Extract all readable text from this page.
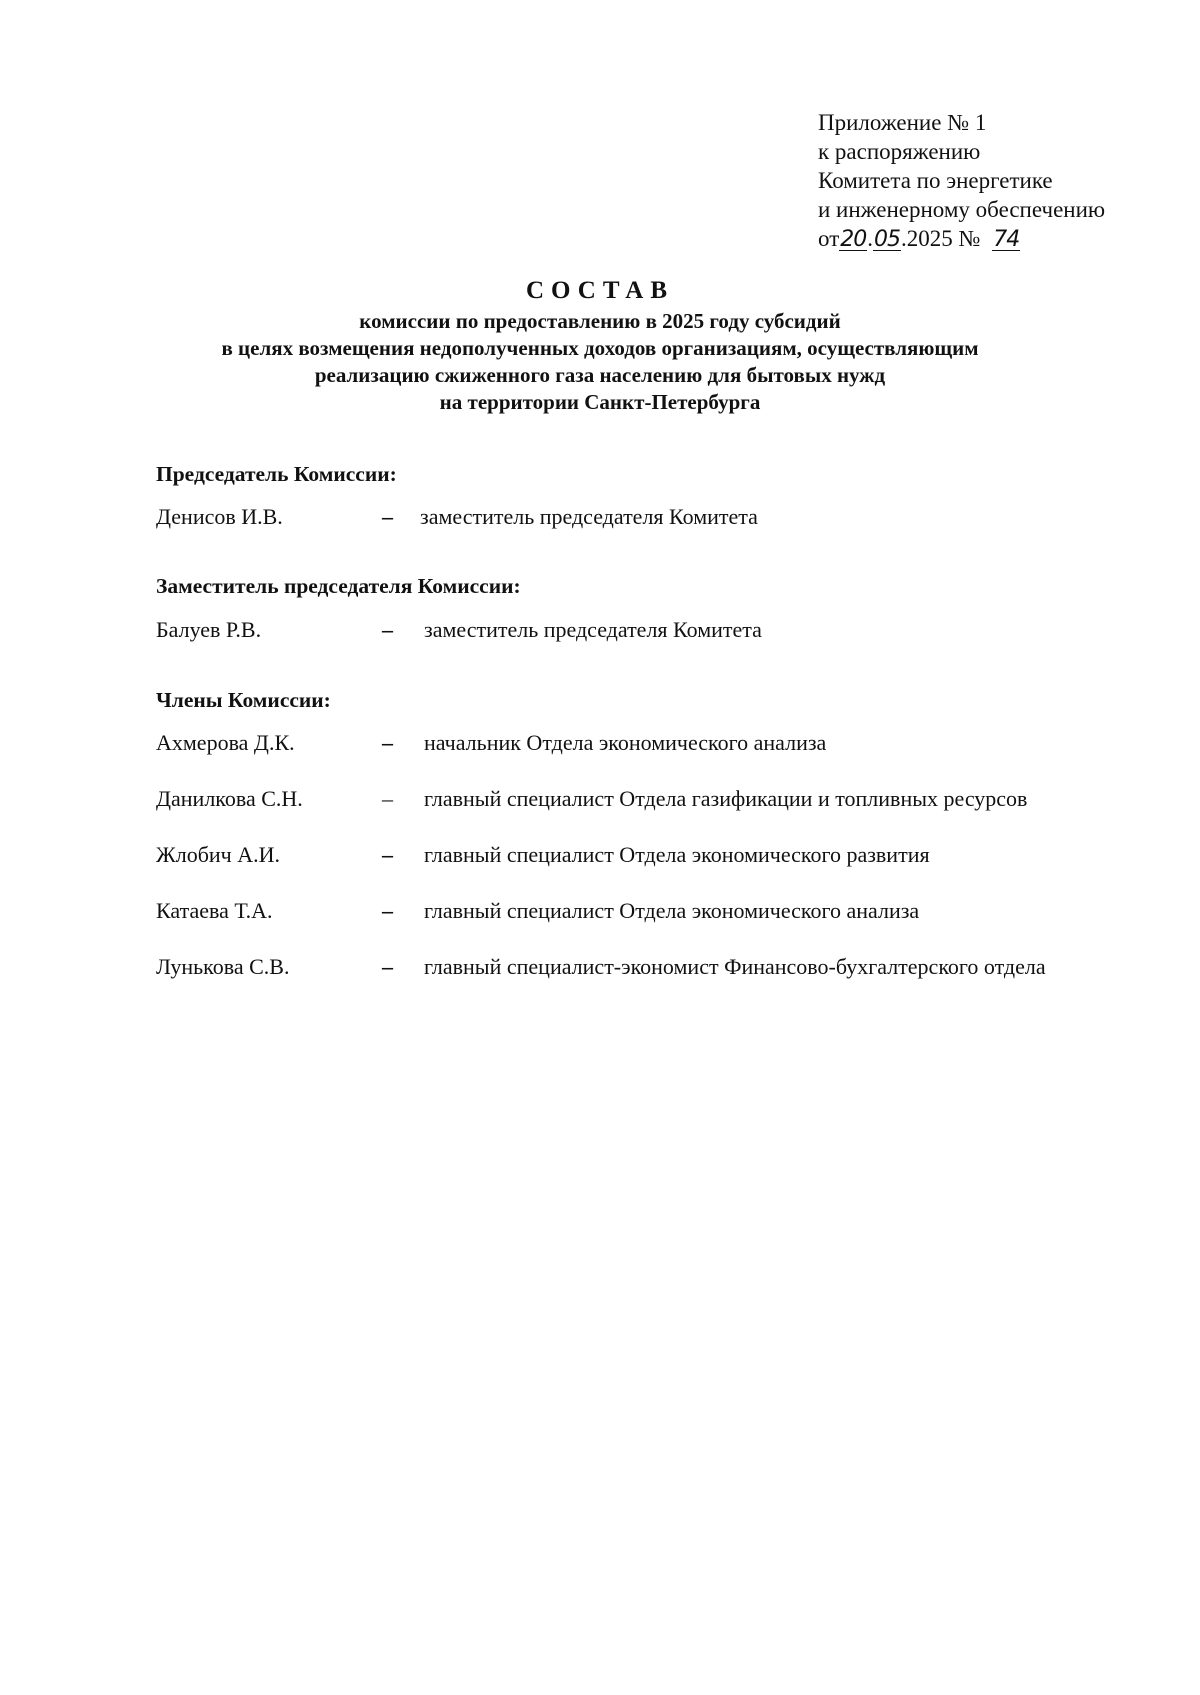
Приложение № 1
к распоряжению
Комитета по энергетике
и инженерному обеспечению
от20.05.2025 № 74
СОСТАВ
комиссии по предоставлению в 2025 году субсидий
в целях возмещения недополученных доходов организациям, осуществляющим
реализацию сжиженного газа населению для бытовых нужд
на территории Санкт-Петербурга
Председатель Комиссии:
Денисов И.В.	– заместитель председателя Комитета
Заместитель председателя Комиссии:
Балуев Р.В.	– заместитель председателя Комитета
Члены Комиссии:
Ахмерова Д.К.	– начальник Отдела экономического анализа
Данилкова С.Н.	– главный специалист Отдела газификации и топливных ресурсов
Жлобич А.И.	– главный специалист Отдела экономического развития
Катаева Т.А.	– главный специалист Отдела экономического анализа
Лунькова С.В.	– главный специалист-экономист Финансово-бухгалтерского отдела
